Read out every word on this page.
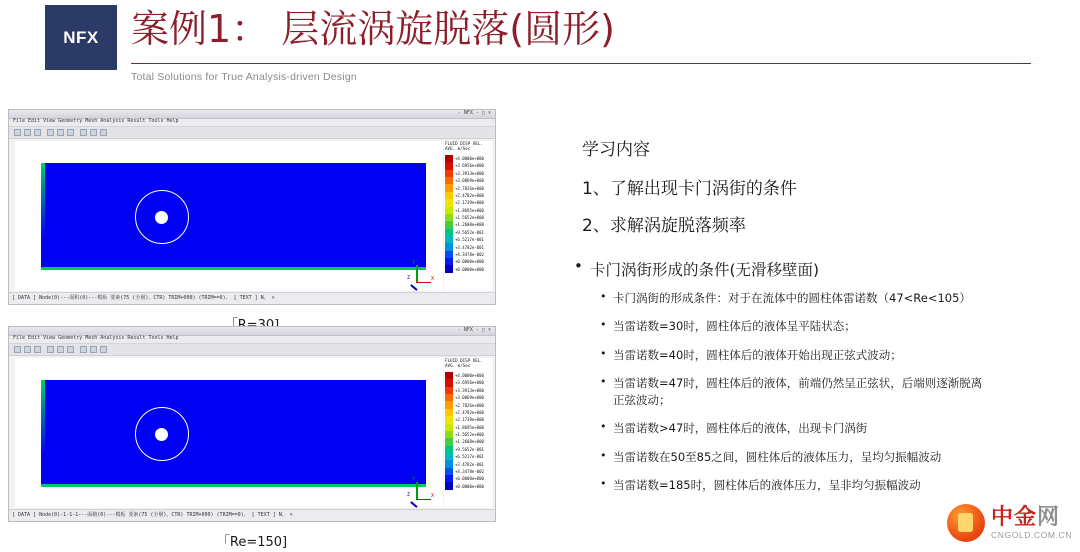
NFX 案例1： 层流涡旋脱落(圆形)
Total Solutions for True Analysis-driven Design
- NFX - □ ×
File Edit View Geometry Mesh Analysis Result Tools Help
Y
X
Z
FLUID DISP VEL. AVG. m/Sec
+4.0000e+000
+3.6956e+000
+3.3913e+000
+3.0869e+000
+2.7826e+000
+2.4782e+000
+2.1739e+000
+1.8695e+000
+1.5652e+000
+1.2608e+000
+9.5652e-001
+6.5217e-001
+3.4782e-001
+4.3478e-002
+0.0000e+000
+0.0000e+000
[ DATA ] Node(0)---面积(0)---模板 要素(75 (全層)、CTR) TRIM+000) (TRIM==0)、 [ TEXT ] N、 ×
- NFX - □ ×
File Edit View Geometry Mesh Analysis Result Tools Help
Y
X
Z
FLUID DISP VEL. AVG. m/Sec
+4.0000e+000
+3.6956e+000
+3.3913e+000
+3.0869e+000
+2.7826e+000
+2.4782e+000
+2.1739e+000
+1.8695e+000
+1.5652e+000
+1.2608e+000
+9.5652e-001
+6.5217e-001
+3.4782e-001
+4.3478e-002
+0.0000e+000
+0.0000e+000
[ DATA ] Node(0)-1-1-1---面積(0)---模板 要素(75 (全層)、CTR) TRIM+000) (TRIM==0)、 [ TEXT ] N、 ×
「Re=150]
学习内容
1、了解出现卡门涡街的条件
2、求解涡旋脱落频率
• 卡门涡街形成的条件(无滑移壁面)
• 卡门涡街的形成条件：对于在流体中的圆柱体雷诺数（47<Re<105）
• 当雷诺数=30时，圆柱体后的液体呈平陆状态；
• 当雷诺数=40时，圆柱体后的液体开始出现正弦式波动；
• 当雷诺数=47时，圆柱体后的液体，前端仍然呈正弦状，后端则逐渐脱离
正弦波动；
• 当雷诺数>47时，圆柱体后的液体，出现卡门涡街
• 当雷诺数在50至85之间，圆柱体后的液体压力，呈均匀振幅波动
• 当雷诺数=185时，圆柱体后的液体压力，呈非均匀振幅波动
中金网
CNGOLD.COM.CN
